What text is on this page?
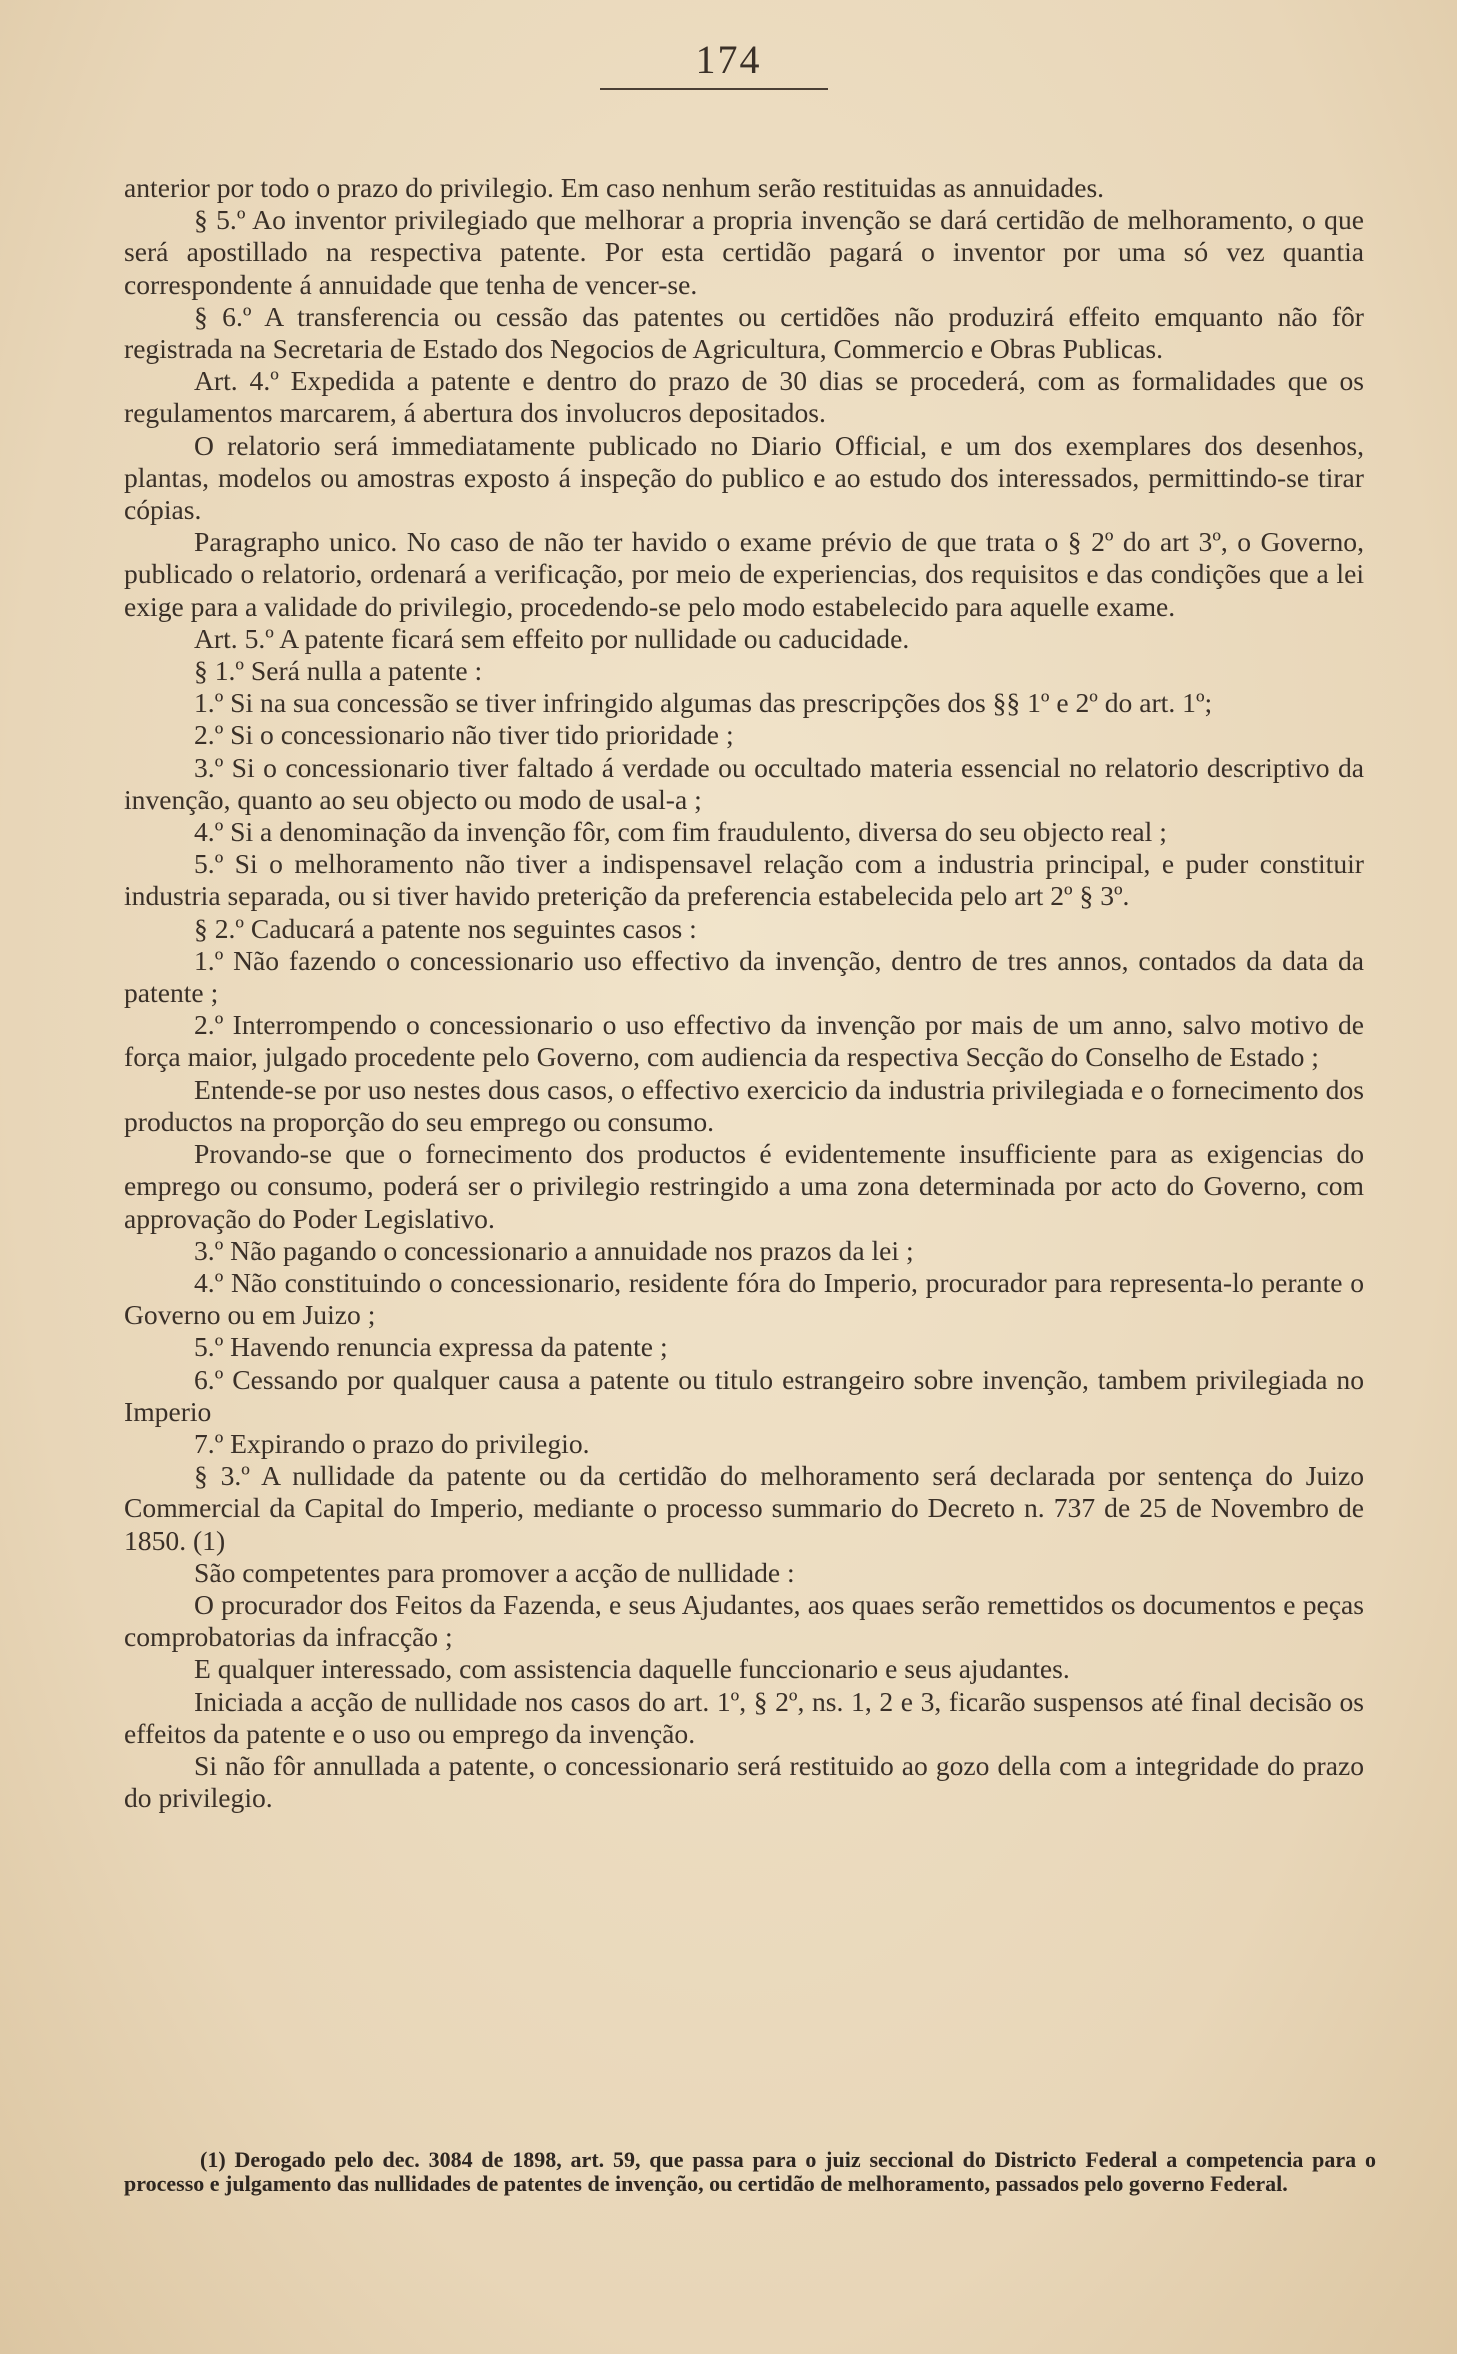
174

anterior por todo o prazo do privilegio. Em caso nenhum serão restituidas as annuidades.

§ 5.º Ao inventor privilegiado que melhorar a propria invenção se dará certidão de melhoramento, o que será apostillado na respectiva patente. Por esta certidão pagará o inventor por uma só vez quantia correspondente á annuidade que tenha de vencer-se.

§ 6.º A transferencia ou cessão das patentes ou certidões não produzirá effeito emquanto não fôr registrada na Secretaria de Estado dos Negocios de Agricultura, Commercio e Obras Publicas.

Art. 4.º Expedida a patente e dentro do prazo de 30 dias se procederá, com as formalidades que os regulamentos marcarem, á abertura dos involucros depositados.

O relatorio será immediatamente publicado no Diario Official, e um dos exemplares dos desenhos, plantas, modelos ou amostras exposto á inspeção do publico e ao estudo dos interessados, permittindo-se tirar cópias.

Paragrapho unico. No caso de não ter havido o exame prévio de que trata o § 2º do art 3º, o Governo, publicado o relatorio, ordenará a verificação, por meio de experiencias, dos requisitos e das condições que a lei exige para a validade do privilegio, procedendo-se pelo modo estabelecido para aquelle exame.

Art. 5.º A patente ficará sem effeito por nullidade ou caducidade.

§ 1.º Será nulla a patente :

1.º Si na sua concessão se tiver infringido algumas das prescripções dos §§ 1º e 2º do art. 1º;

2.º Si o concessionario não tiver tido prioridade ;

3.º Si o concessionario tiver faltado á verdade ou occultado materia essencial no relatorio descriptivo da invenção, quanto ao seu objecto ou modo de usal-a ;

4.º Si a denominação da invenção fôr, com fim fraudulento, diversa do seu objecto real ;

5.º Si o melhoramento não tiver a indispensavel relação com a industria principal, e puder constituir industria separada, ou si tiver havido preterição da preferencia estabelecida pelo art 2º § 3º.

§ 2.º Caducará a patente nos seguintes casos :

1.º Não fazendo o concessionario uso effectivo da invenção, dentro de tres annos, contados da data da patente ;

2.º Interrompendo o concessionario o uso effectivo da invenção por mais de um anno, salvo motivo de força maior, julgado procedente pelo Governo, com audiencia da respectiva Secção do Conselho de Estado ;

Entende-se por uso nestes dous casos, o effectivo exercicio da industria privilegiada e o fornecimento dos productos na proporção do seu emprego ou consumo.

Provando-se que o fornecimento dos productos é evidentemente insufficiente para as exigencias do emprego ou consumo, poderá ser o privilegio restringido a uma zona determinada por acto do Governo, com approvação do Poder Legislativo.

3.º Não pagando o concessionario a annuidade nos prazos da lei ;

4.º Não constituindo o concessionario, residente fóra do Imperio, procurador para representa-lo perante o Governo ou em Juizo ;

5.º Havendo renuncia expressa da patente ;

6.º Cessando por qualquer causa a patente ou titulo estrangeiro sobre invenção, tambem privilegiada no Imperio

7.º Expirando o prazo do privilegio.

§ 3.º A nullidade da patente ou da certidão do melhoramento será declarada por sentença do Juizo Commercial da Capital do Imperio, mediante o processo summario do Decreto n. 737 de 25 de Novembro de 1850. (1)

São competentes para promover a acção de nullidade :

O procurador dos Feitos da Fazenda, e seus Ajudantes, aos quaes serão remettidos os documentos e peças comprobatorias da infracção ;

E qualquer interessado, com assistencia daquelle funccionario e seus ajudantes.

Iniciada a acção de nullidade nos casos do art. 1º, § 2º, ns. 1, 2 e 3, ficarão suspensos até final decisão os effeitos da patente e o uso ou emprego da invenção.

Si não fôr annullada a patente, o concessionario será restituido ao gozo della com a integridade do prazo do privilegio.

(1) Derogado pelo dec. 3084 de 1898, art. 59, que passa para o juiz seccional do Districto Federal a competencia para o processo e julgamento das nullidades de patentes de invenção, ou certidão de melhoramento, passados pelo governo Federal.
